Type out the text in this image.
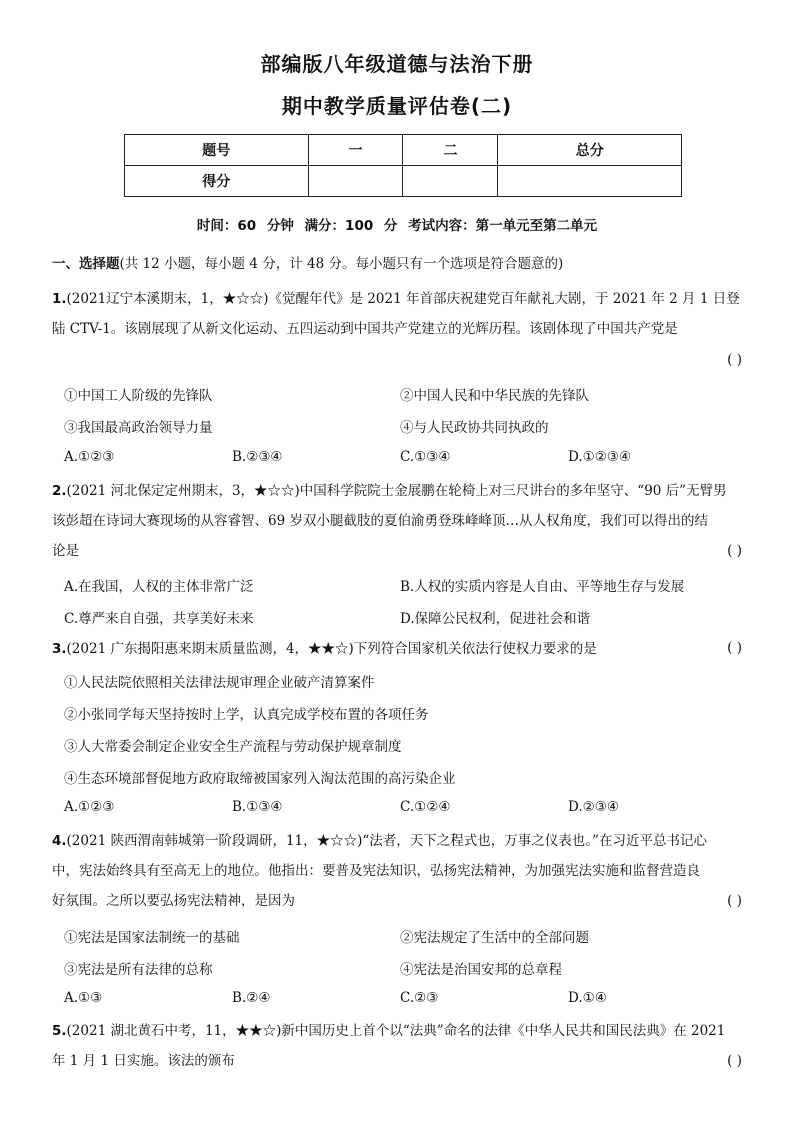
部编版八年级道德与法治下册
期中教学质量评估卷(二)
题号	一	二	总分
得分			
时间：60 分钟 满分：100 分 考试内容：第一单元至第二单元
一、选择题(共 12 小题，每小题 4 分，计 48 分。每小题只有一个选项是符合题意的)
1.(2021辽宁本溪期末，1，★☆☆)《觉醒年代》是 2021 年首部庆祝建党百年献礼大剧，于 2021 年 2 月 1 日登
陆 CTV-1。该剧展现了从新文化运动、五四运动到中国共产党建立的光辉历程。该剧体现了中国共产党是
( )
①中国工人阶级的先锋队	②中国人民和中华民族的先锋队
③我国最高政治领导力量	④与人民政协共同执政的
A.①②③	B.②③④	C.①③④	D.①②③④
2.(2021 河北保定定州期末，3，★☆☆)中国科学院院士金展鹏在轮椅上对三尺讲台的多年坚守、“90 后”无臂男
该彭超在诗词大赛现场的从容睿智、69 岁双小腿截肢的夏伯渝勇登珠峰峰顶…从人权角度，我们可以得出的结
论是	( )
A.在我国，人权的主体非常广泛	B.人权的实质内容是人自由、平等地生存与发展
C.尊严来自自强，共享美好未来	D.保障公民权利，促进社会和谐
3.(2021 广东揭阳惠来期末质量监测，4，★★☆)下列符合国家机关依法行使权力要求的是	( )
①人民法院依照相关法律法规审理企业破产清算案件
②小张同学每天坚持按时上学，认真完成学校布置的各项任务
③人大常委会制定企业安全生产流程与劳动保护规章制度
④生态环境部督促地方政府取缔被国家列入淘汰范围的高污染企业
A.①②③	B.①③④	C.①②④	D.②③④
4.(2021 陕西渭南韩城第一阶段调研，11，★☆☆)“法者，天下之程式也，万事之仪表也。”在习近平总书记心
中，宪法始终具有至高无上的地位。他指出：要普及宪法知识，弘扬宪法精神，为加强宪法实施和监督营造良
好氛围。之所以要弘扬宪法精神，是因为	( )
①宪法是国家法制统一的基础	②宪法规定了生活中的全部问题
③宪法是所有法律的总称	④宪法是治国安邦的总章程
A.①③	B.②④	C.②③	D.①④
5.(2021 湖北黄石中考，11，★★☆)新中国历史上首个以“法典”命名的法律《中华人民共和国民法典》在 2021
年 1 月 1 日实施。该法的颁布	( )
